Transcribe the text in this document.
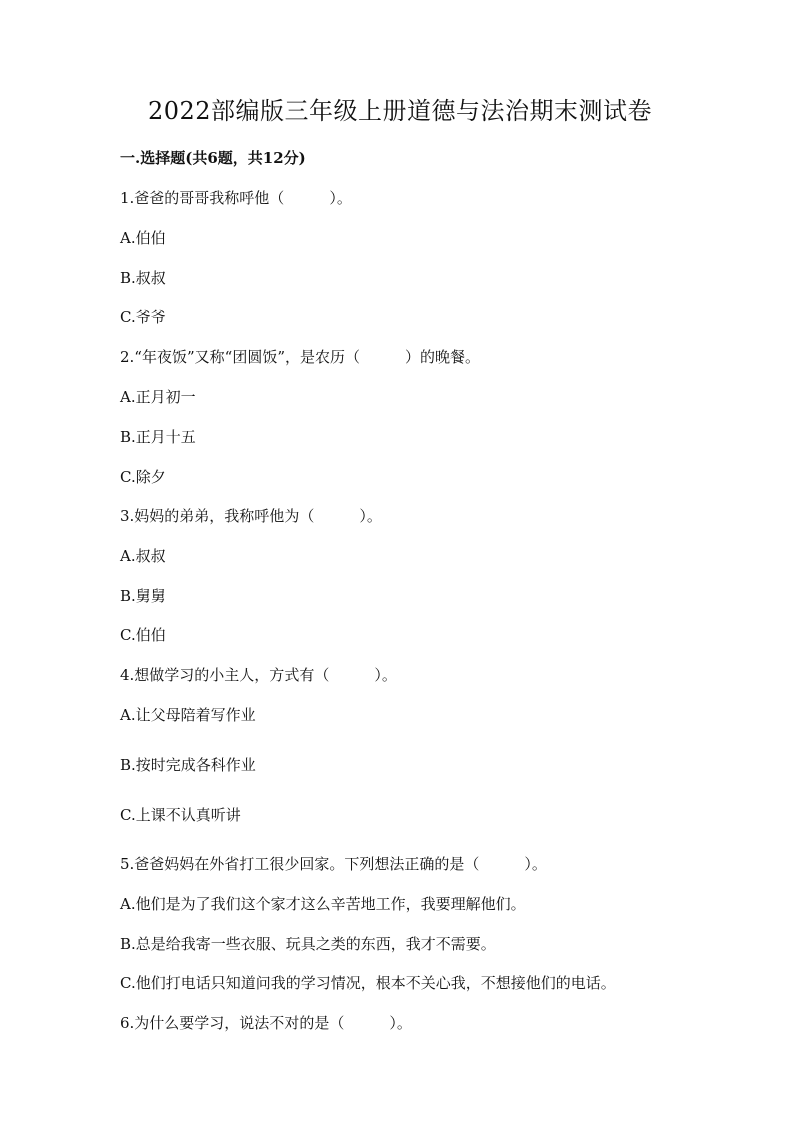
2022部编版三年级上册道德与法治期末测试卷
一.选择题(共6题，共12分)
1.爸爸的哥哥我称呼他（　　　）。
A.伯伯
B.叔叔
C.爷爷
2.“年夜饭”又称“团圆饭”，是农历（　　　）的晚餐。
A.正月初一
B.正月十五
C.除夕
3.妈妈的弟弟，我称呼他为（　　　）。
A.叔叔
B.舅舅
C.伯伯
4.想做学习的小主人，方式有（　　　）。
A.让父母陪着写作业
B.按时完成各科作业
C.上课不认真听讲
5.爸爸妈妈在外省打工很少回家。下列想法正确的是（　　　）。
A.他们是为了我们这个家才这么辛苦地工作，我要理解他们。
B.总是给我寄一些衣服、玩具之类的东西，我才不需要。
C.他们打电话只知道问我的学习情况，根本不关心我，不想接他们的电话。
6.为什么要学习，说法不对的是（　　　）。
